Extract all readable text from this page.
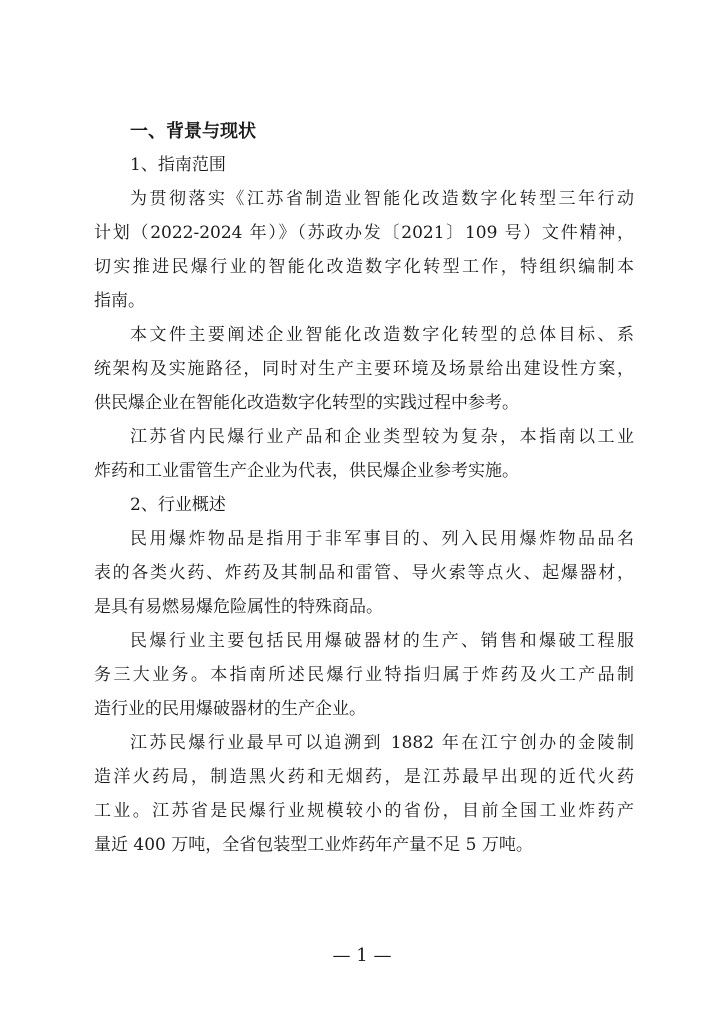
一、背景与现状
1、指南范围
为贯彻落实《江苏省制造业智能化改造数字化转型三年行动
计划（2022-2024 年）》（苏政办发〔2021〕109 号）文件精神，
切实推进民爆行业的智能化改造数字化转型工作，特组织编制本
指南。
本文件主要阐述企业智能化改造数字化转型的总体目标、系
统架构及实施路径，同时对生产主要环境及场景给出建设性方案，
供民爆企业在智能化改造数字化转型的实践过程中参考。
江苏省内民爆行业产品和企业类型较为复杂，本指南以工业
炸药和工业雷管生产企业为代表，供民爆企业参考实施。
2、行业概述
民用爆炸物品是指用于非军事目的、列入民用爆炸物品品名
表的各类火药、炸药及其制品和雷管、导火索等点火、起爆器材，
是具有易燃易爆危险属性的特殊商品。
民爆行业主要包括民用爆破器材的生产、销售和爆破工程服
务三大业务。本指南所述民爆行业特指归属于炸药及火工产品制
造行业的民用爆破器材的生产企业。
江苏民爆行业最早可以追溯到 1882 年在江宁创办的金陵制
造洋火药局，制造黑火药和无烟药，是江苏最早出现的近代火药
工业。江苏省是民爆行业规模较小的省份，目前全国工业炸药产
量近 400 万吨，全省包装型工业炸药年产量不足 5 万吨。
— 1 —
